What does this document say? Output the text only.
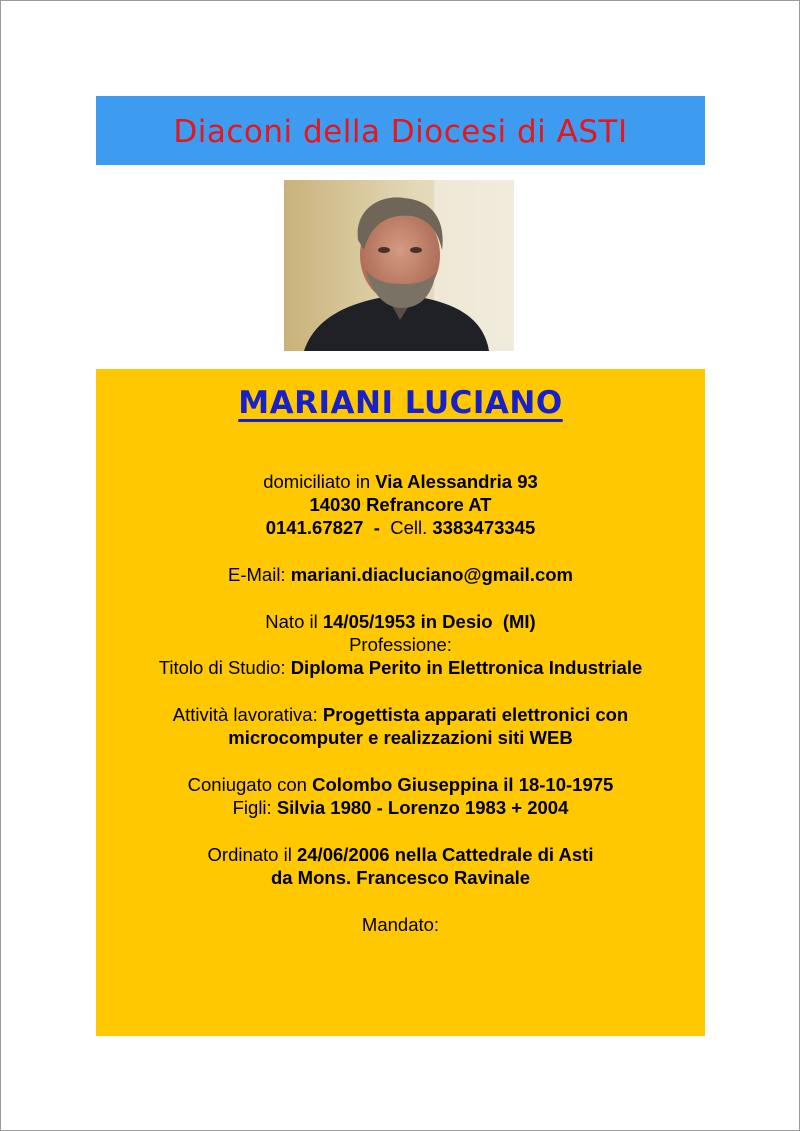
Diaconi della Diocesi di ASTI
MARIANI LUCIANO
domiciliato in Via Alessandria 93
14030 Refrancore AT
0141.67827  -  Cell. 3383473345
E-Mail: mariani.diacluciano@gmail.com
Nato il 14/05/1953 in Desio  (MI)
Professione:
Titolo di Studio: Diploma Perito in Elettronica Industriale
Attività lavorativa: Progettista apparati elettronici con
microcomputer e realizzazioni siti WEB
Coniugato con Colombo Giuseppina il 18-10-1975
Figli: Silvia 1980 - Lorenzo 1983 + 2004
Ordinato il 24/06/2006 nella Cattedrale di Asti
da Mons. Francesco Ravinale
Mandato:
